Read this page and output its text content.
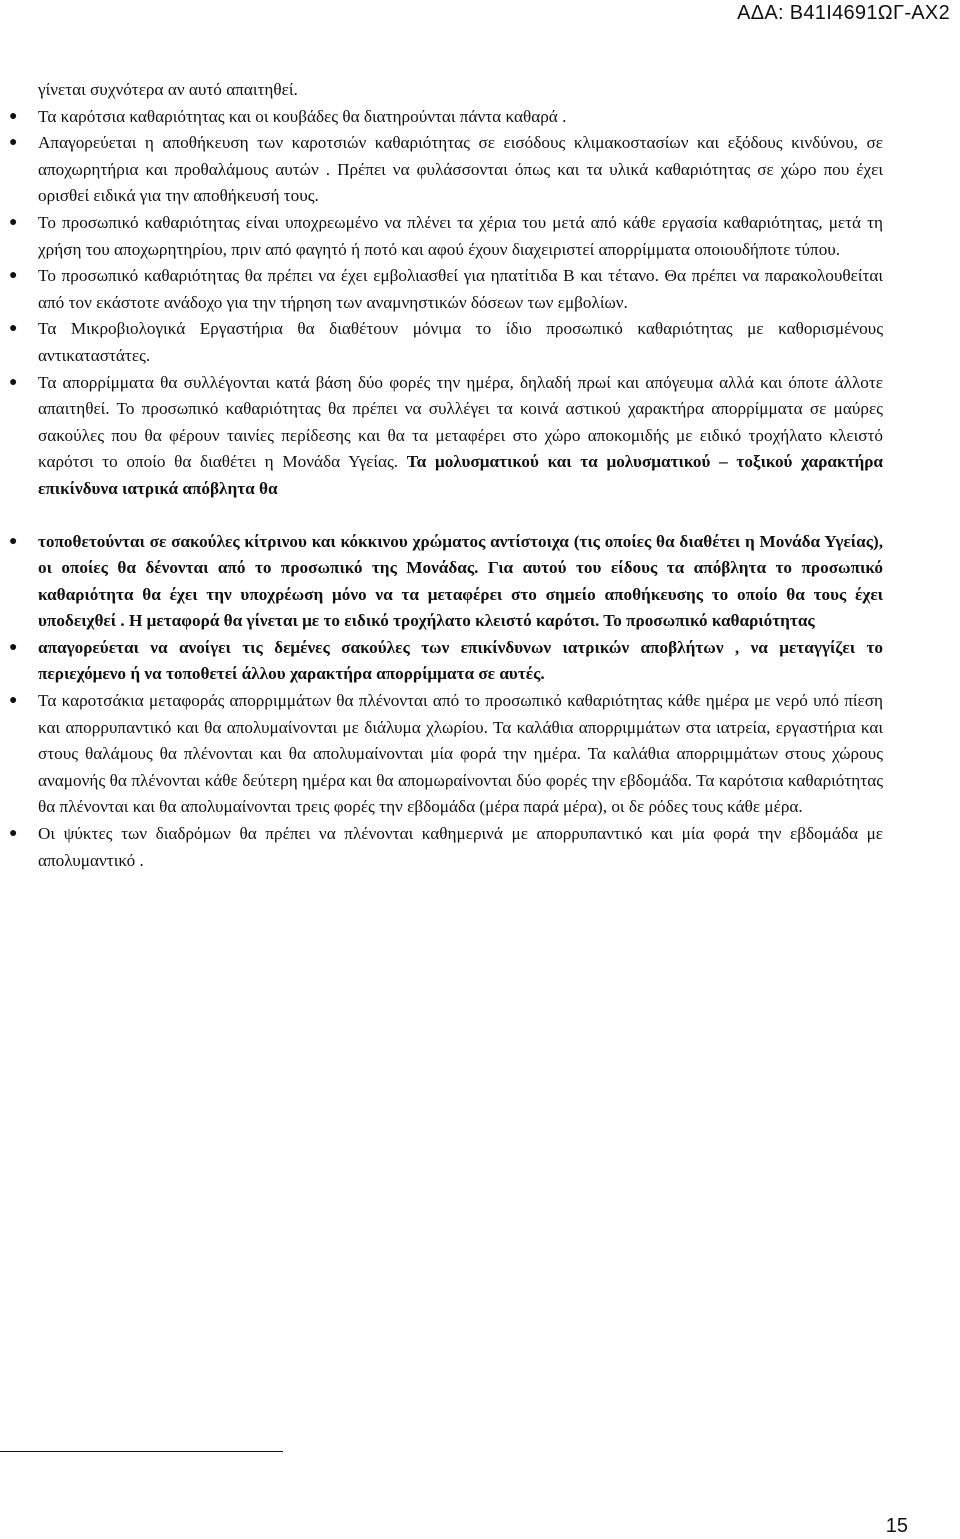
ΑΔΑ: Β41Ι4691ΩΓ-ΑΧ2

γίνεται συχνότερα αν αυτό απαιτηθεί.

● Τα καρότσια καθαριότητας και οι κουβάδες θα διατηρούνται πάντα καθαρά .

● Απαγορεύεται η αποθήκευση των καροτσιών καθαριότητας σε εισόδους κλιμακοστασίων και εξόδους κινδύνου, σε αποχωρητήρια και προθαλάμους αυτών . Πρέπει να φυλάσσονται όπως και τα υλικά καθαριότητας σε χώρο που έχει ορισθεί ειδικά για την αποθήκευσή τους.

● Το προσωπικό καθαριότητας είναι υποχρεωμένο να πλένει τα χέρια του μετά από κάθε εργασία καθαριότητας, μετά τη χρήση του αποχωρητηρίου, πριν από φαγητό ή ποτό και αφού έχουν διαχειριστεί απορρίμματα οποιουδήποτε τύπου.

● Το προσωπικό καθαριότητας θα πρέπει να έχει εμβολιασθεί για ηπατίτιδα Β και τέτανο. Θα πρέπει να παρακολουθείται από τον εκάστοτε ανάδοχο για την τήρηση των αναμνηστικών δόσεων των εμβολίων.

● Τα Μικροβιολογικά Εργαστήρια θα διαθέτουν μόνιμα το ίδιο προσωπικό καθαριότητας με καθορισμένους αντικαταστάτες.

● Τα απορρίμματα θα συλλέγονται κατά βάση δύο φορές την ημέρα, δηλαδή πρωί και απόγευμα αλλά και όποτε άλλοτε απαιτηθεί. Το προσωπικό καθαριότητας θα πρέπει να συλλέγει τα κοινά αστικού χαρακτήρα απορρίμματα σε μαύρες σακούλες που θα φέρουν ταινίες περίδεσης και θα τα μεταφέρει στο χώρο αποκομιδής με ειδικό τροχήλατο κλειστό καρότσι το οποίο θα διαθέτει η Μονάδα Υγείας. Τα μολυσματικού και τα μολυσματικού – τοξικού χαρακτήρα επικίνδυνα ιατρικά απόβλητα θα

● τοποθετούνται σε σακούλες κίτρινου και κόκκινου χρώματος αντίστοιχα (τις οποίες θα διαθέτει η Μονάδα Υγείας), οι οποίες θα δένονται από το προσωπικό της Μονάδας. Για αυτού του είδους τα απόβλητα το προσωπικό καθαριότητα θα έχει την υποχρέωση μόνο να τα μεταφέρει στο σημείο αποθήκευσης το οποίο θα τους έχει υποδειχθεί . Η μεταφορά θα γίνεται με το ειδικό τροχήλατο κλειστό καρότσι. Το προσωπικό καθαριότητας

● απαγορεύεται να ανοίγει τις δεμένες σακούλες των επικίνδυνων ιατρικών αποβλήτων , να μεταγγίζει το περιεχόμενο ή να τοποθετεί άλλου χαρακτήρα απορρίμματα σε αυτές.

● Τα καροτσάκια μεταφοράς απορριμμάτων θα πλένονται από το προσωπικό καθαριότητας κάθε ημέρα με νερό υπό πίεση και απορρυπαντικό και θα απολυμαίνονται με διάλυμα χλωρίου. Τα καλάθια απορριμμάτων στα ιατρεία, εργαστήρια και στους θαλάμους θα πλένονται και θα απολυμαίνονται μία φορά την ημέρα. Τα καλάθια απορριμμάτων στους χώρους αναμονής θα πλένονται κάθε δεύτερη ημέρα και θα απομωραίνονται δύο φορές την εβδομάδα. Τα καρότσια καθαριότητας θα πλένονται και θα απολυμαίνονται τρεις φορές την εβδομάδα (μέρα παρά μέρα), οι δε ρόδες τους κάθε μέρα.

● Οι ψύκτες των διαδρόμων θα πρέπει να πλένονται καθημερινά με απορρυπαντικό και μία φορά την εβδομάδα με απολυμαντικό .

15
